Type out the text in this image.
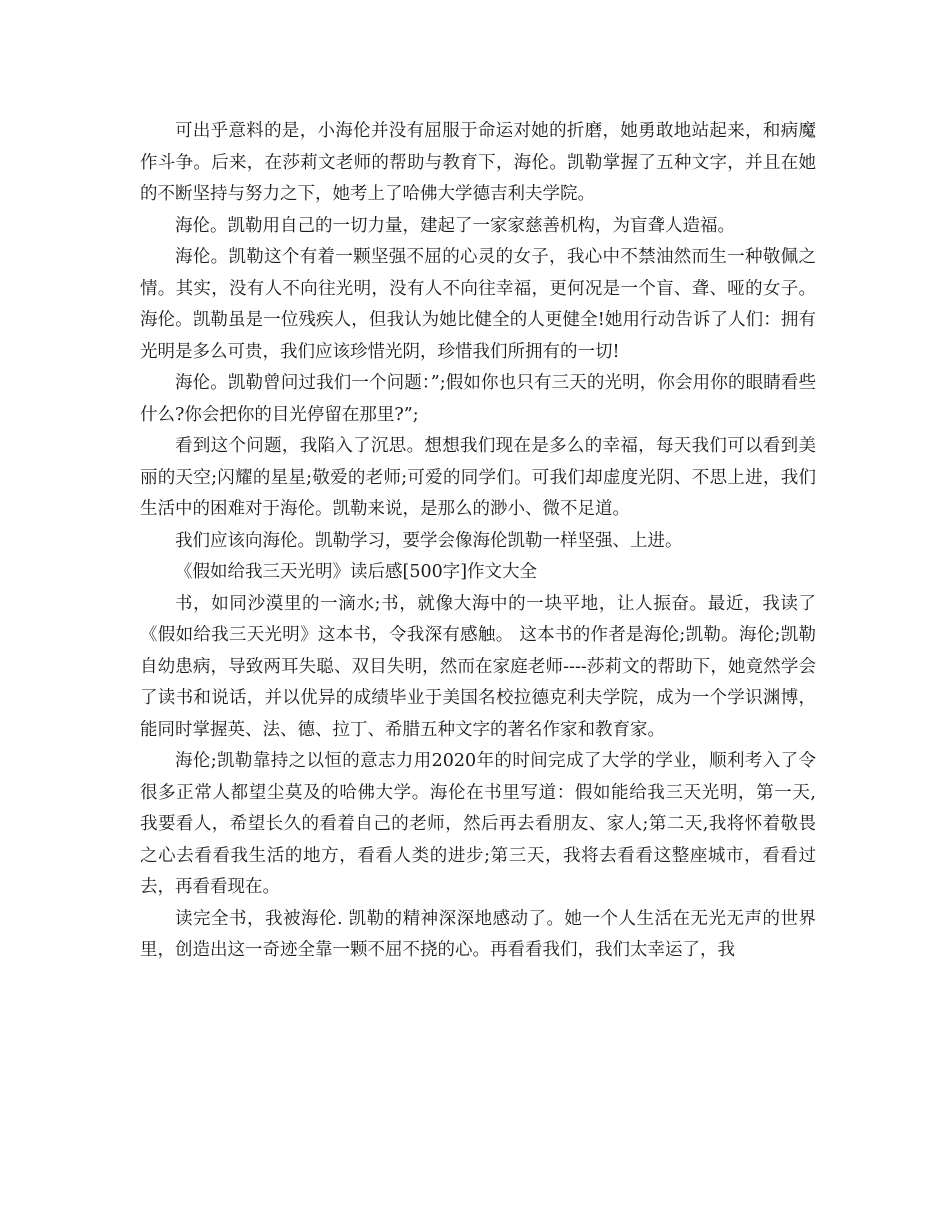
可出乎意料的是，小海伦并没有屈服于命运对她的折磨，她勇敢地站起来，和病魔作斗争。后来，在莎莉文老师的帮助与教育下，海伦。凯勒掌握了五种文字，并且在她的不断坚持与努力之下，她考上了哈佛大学德吉利夫学院。

海伦。凯勒用自己的一切力量，建起了一家家慈善机构，为盲聋人造福。

海伦。凯勒这个有着一颗坚强不屈的心灵的女子，我心中不禁油然而生一种敬佩之情。其实，没有人不向往光明，没有人不向往幸福，更何况是一个盲、聋、哑的女子。海伦。凯勒虽是一位残疾人，但我认为她比健全的人更健全!她用行动告诉了人们：拥有光明是多么可贵，我们应该珍惜光阴，珍惜我们所拥有的一切!

海伦。凯勒曾问过我们一个问题：”;假如你也只有三天的光明，你会用你的眼睛看些什么?你会把你的目光停留在那里?”;

看到这个问题，我陷入了沉思。想想我们现在是多么的幸福，每天我们可以看到美丽的天空;闪耀的星星;敬爱的老师;可爱的同学们。可我们却虚度光阴、不思上进，我们生活中的困难对于海伦。凯勒来说，是那么的渺小、微不足道。

我们应该向海伦。凯勒学习，要学会像海伦凯勒一样坚强、上进。

《假如给我三天光明》读后感[500字]作文大全

书，如同沙漠里的一滴水;书，就像大海中的一块平地，让人振奋。最近，我读了《假如给我三天光明》这本书，令我深有感触。 这本书的作者是海伦;凯勒。海伦;凯勒自幼患病，导致两耳失聪、双目失明，然而在家庭老师----莎莉文的帮助下，她竟然学会了读书和说话，并以优异的成绩毕业于美国名校拉德克利夫学院，成为一个学识渊博，能同时掌握英、法、德、拉丁、希腊五种文字的著名作家和教育家。

海伦;凯勒靠持之以恒的意志力用2020年的时间完成了大学的学业，顺利考入了令很多正常人都望尘莫及的哈佛大学。海伦在书里写道：假如能给我三天光明，第一天, 我要看人，希望长久的看着自己的老师，然后再去看朋友、家人;第二天,我将怀着敬畏之心去看看我生活的地方，看看人类的进步;第三天，我将去看看这整座城市，看看过去，再看看现在。

读完全书，我被海伦. 凯勒的精神深深地感动了。她一个人生活在无光无声的世界里，创造出这一奇迹全靠一颗不屈不挠的心。再看看我们，我们太幸运了，我
